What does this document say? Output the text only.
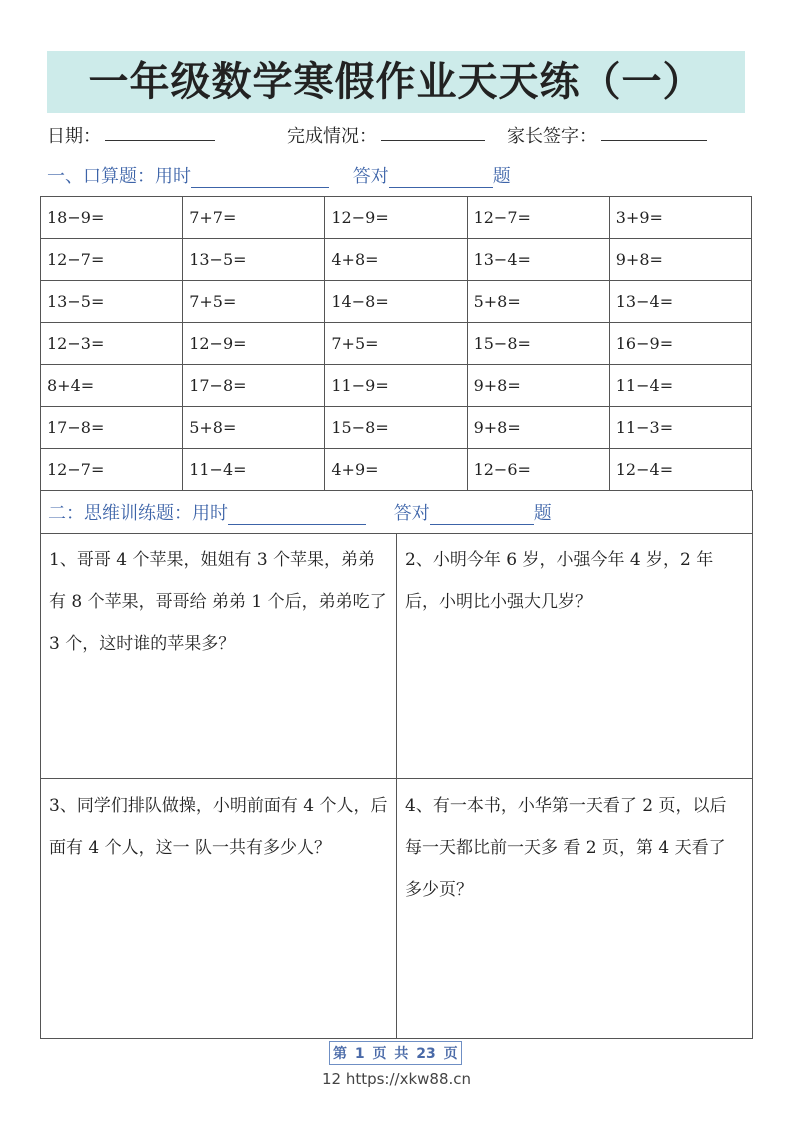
一年级数学寒假作业天天练（一）
日期：	完成情况：	家长签字：
一、口算题：用时	答对	题
18−9=	7+7=	12−9=	12−7=	3+9=
12−7=	13−5=	4+8=	13−4=	9+8=
13−5=	7+5=	14−8=	5+8=	13−4=
12−3=	12−9=	7+5=	15−8=	16−9=
8+4=	17−8=	11−9=	9+8=	11−4=
17−8=	5+8=	15−8=	9+8=	11−3=
12−7=	11−4=	4+9=	12−6=	12−4=
二：思维训练题：用时	答对	题
1、哥哥 4 个苹果，姐姐有 3 个苹果，弟弟有 8 个苹果，哥哥给 弟弟 1 个后，弟弟吃了 3 个，这时谁的苹果多？
2、小明今年 6 岁，小强今年 4 岁，2 年后，小明比小强大几岁？
3、同学们排队做操，小明前面有 4 个人，后面有 4 个人，这一 队一共有多少人？
4、有一本书，小华第一天看了 2 页，以后每一天都比前一天多 看 2 页，第 4 天看了多少页？
第 1 页 共 23 页
12 https://xkw88.cn
